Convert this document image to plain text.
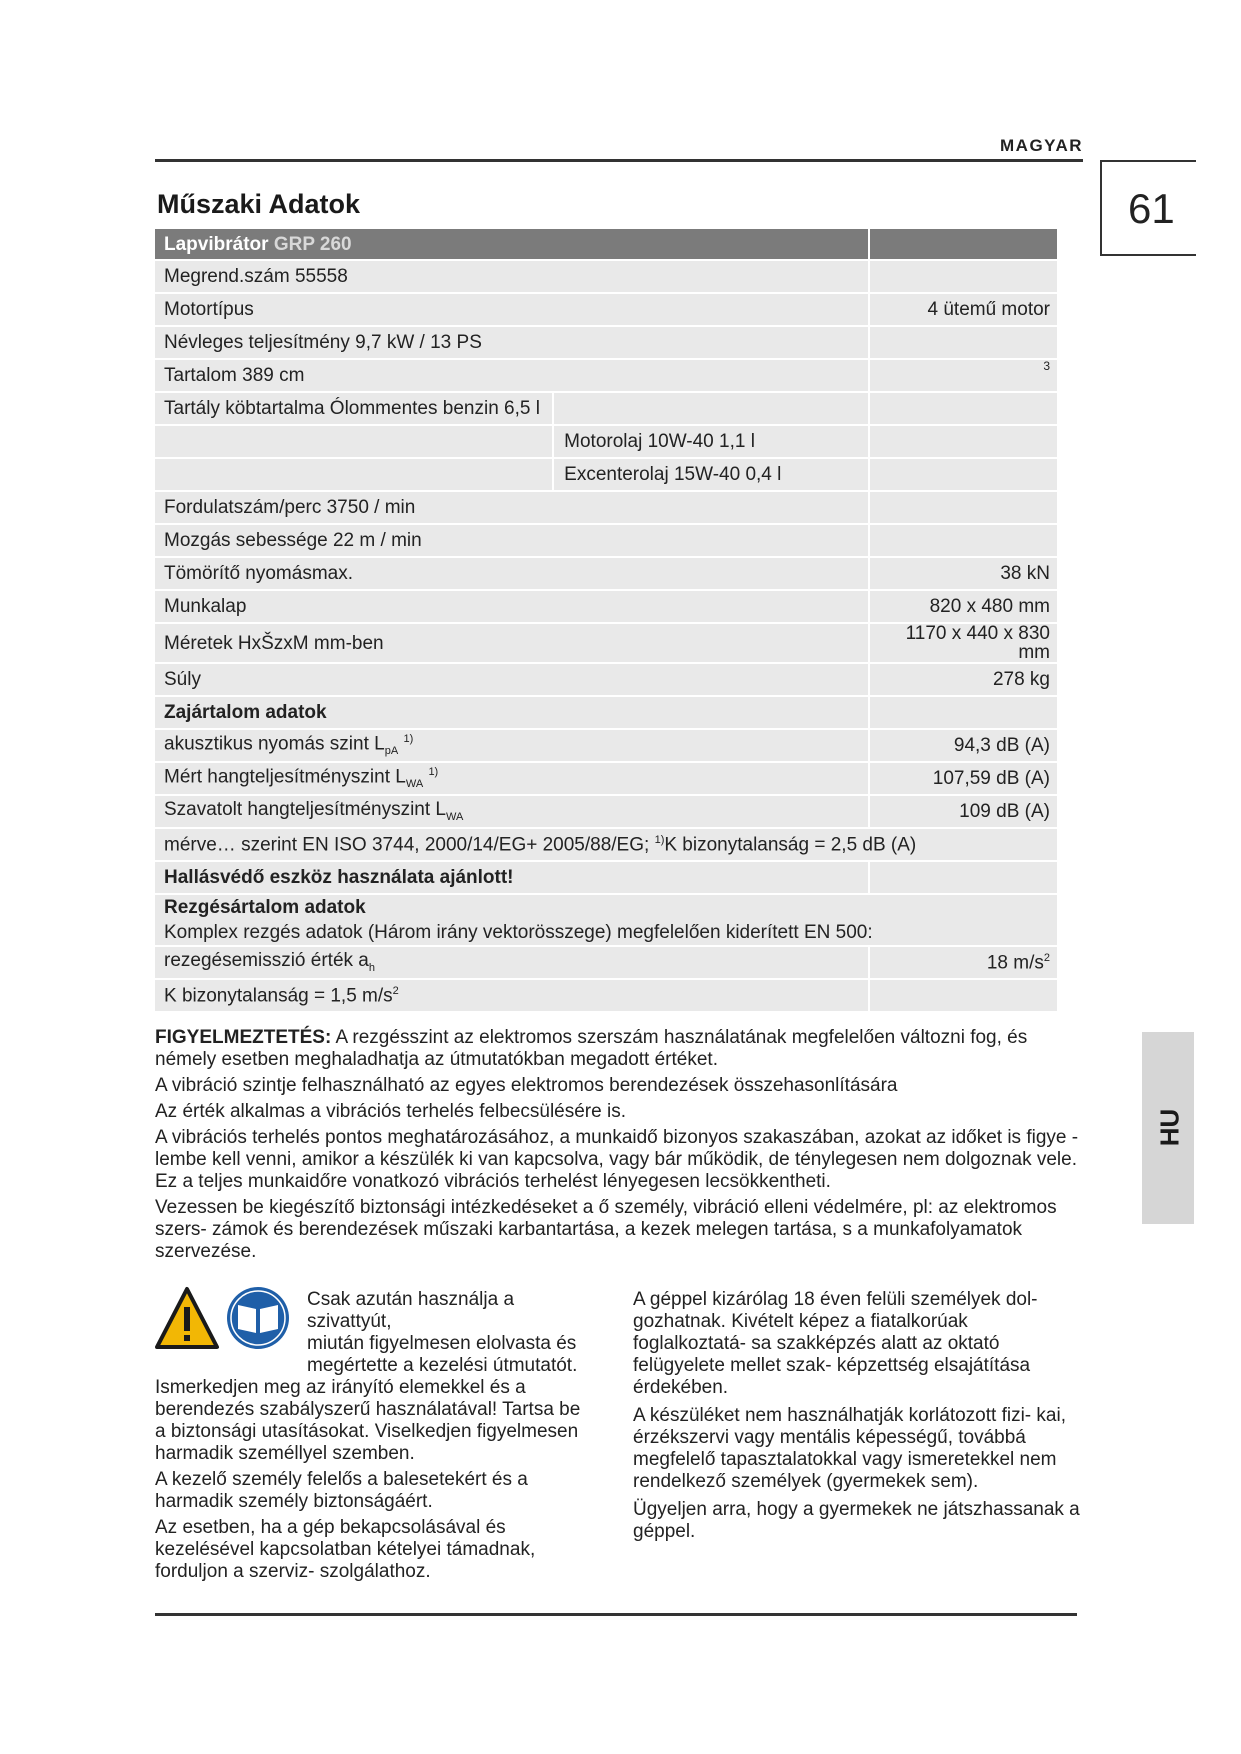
MAGYAR
61
Műszaki Adatok
Lapvibrátor GRP 260		
Megrend.szám 55558		
Motortípus		4 ütemű motor
Névleges teljesítmény 9,7 kW / 13 PS		
Tartalom 389 cm		$^3$
Tartály köbtartalma Ólommentes benzin 6,5 l		
	Motorolaj 10W-40 1,1 l	
	Excenterolaj 15W-40 0,4 l	
Fordulatszám/perc 3750 / min		
Mozgás sebessége 22 m / min		
Tömörítő nyomásmax.		38 kN
Munkalap		820 x 480 mm
Méretek HxŠzxM mm-ben		1170 x 440 x 830 mm
Súly		278 kg
Zajártalom adatok		
akusztikus nyomás szint $L_{pA}$ $^{1)}$		94,3 dB (A)
Mért hangteljesítményszint $L_{WA}$ $^{1)}$		107,59 dB (A)
Szavatolt hangteljesítményszint $L_{WA}$		109 dB (A)
mérve… szerint EN ISO 3744, 2000/14/EG+ 2005/88/EG; $^{1)}$K bizonytalanság = 2,5 dB (A)		
Hallásvédő eszköz használata ajánlott!		
Rezgésártalom adatok
Komplex rezgés adatok (Három irány vektorösszege) megfelelően kiderített EN 500:		
rezegésemisszió érték $a_h$		18 $m/s^2$
K bizonytalanság = 1,5 $m/s^2$	
HU

FIGYELMEZTETÉS: A rezgésszint az elektromos szerszám használatának megfelelően változni fog, és némely esetben meghaladhatja az útmutatókban megadott értéket.

A vibráció szintje felhasználható az egyes elektromos berendezések összehasonlítására

Az érték alkalmas a vibrációs terhelés felbecsülésére is.

A vibrációs terhelés pontos meghatározásához, a munkaidő bizonyos szakaszában, azokat az időket is figye - lembe kell venni, amikor a készülék ki van kapcsolva, vagy bár működik, de ténylegesen nem dolgoznak vele. Ez a teljes munkaidőre vonatkozó vibrációs terhelést lényegesen lecsökkentheti.

Vezessen be kiegészítő biztonsági intézkedéseket a ő személy, vibráció elleni védelmére, pl: az elektromos szers- zámok és berendezések műszaki karbantartása, a kezek melegen tartása, s a munkafolyamatok szervezése.

Csak azután használja a szivattyút,
miután figyelmesen elolvasta és
megértette a kezelési útmutatót.
Ismerkedjen meg az irányító elemekkel és a berendezés szabályszerű használatával! Tartsa be a biztonsági utasításokat. Viselkedjen figyelmesen harmadik személlyel szemben.

A kezelő személy felelős a balesetekért és a harmadik személy biztonságáért.

Az esetben, ha a gép bekapcsolásával és kezelésével kapcsolatban kételyei támadnak, forduljon a szerviz- szolgálathoz.

A géppel kizárólag 18 éven felüli személyek dol- gozhatnak. Kivételt képez a fiatalkorúak foglalkoztatá- sa szakképzés alatt az oktató felügyelete mellet szak- képzettség elsajátítása érdekében.

A készüléket nem használhatják korlátozott fizi- kai, érzékszervi vagy mentális képességű, továbbá megfelelő tapasztalatokkal vagy ismeretekkel nem rendelkező személyek (gyermekek sem).

Ügyeljen arra, hogy a gyermekek ne játszhassanak a géppel.
